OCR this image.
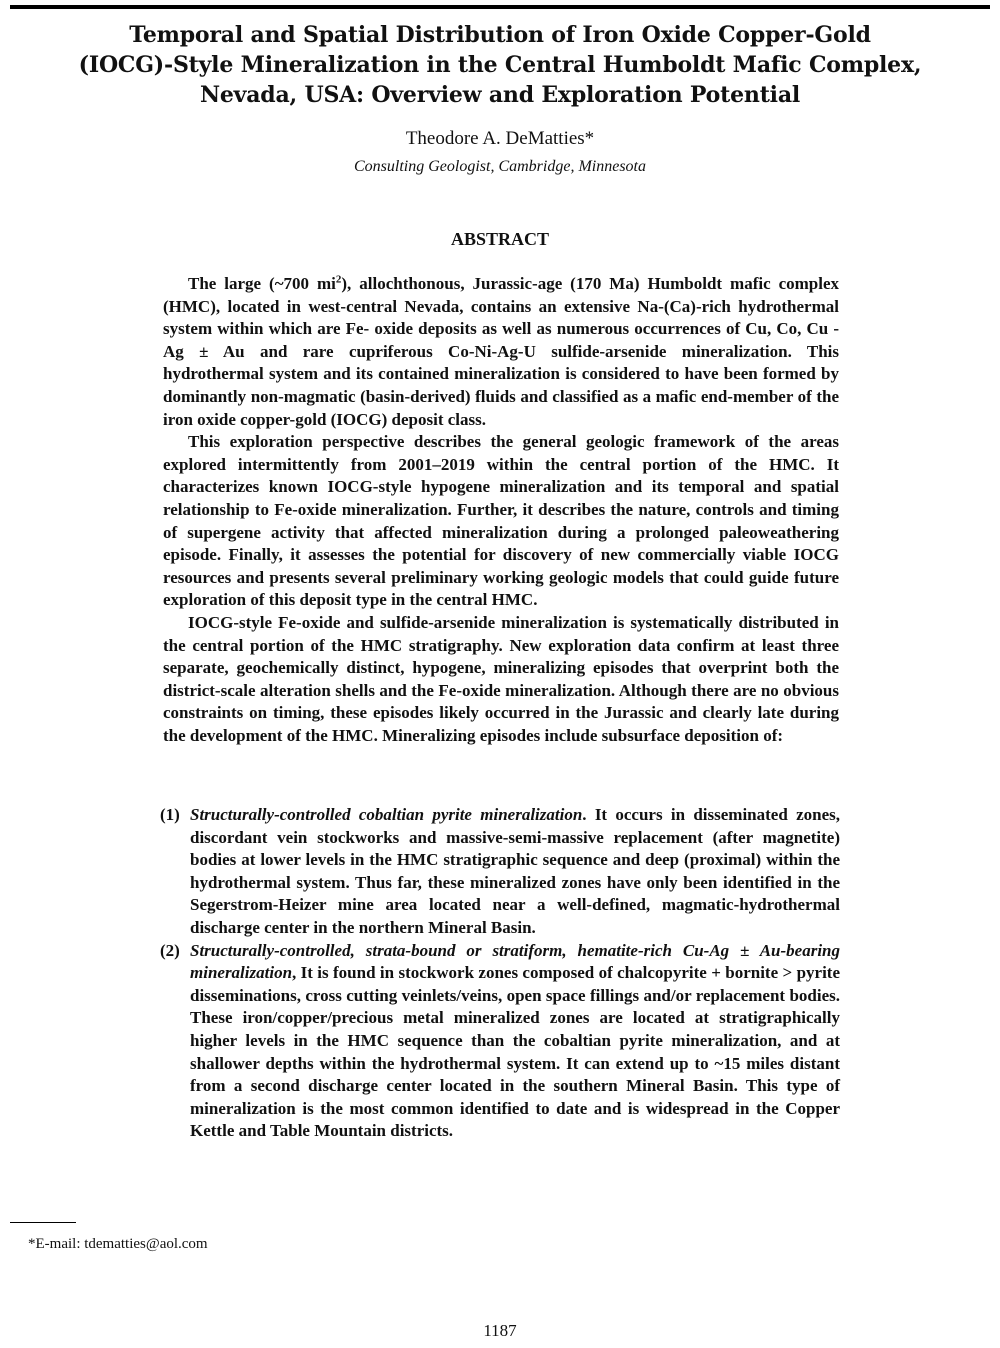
Temporal and Spatial Distribution of Iron Oxide Copper-Gold
(IOCG)-Style Mineralization in the Central Humboldt Mafic Complex,
Nevada, USA: Overview and Exploration Potential
Theodore A. DeMatties*
Consulting Geologist, Cambridge, Minnesota
ABSTRACT

The large (~700 $mi^2$), allochthonous, Jurassic-age (170 Ma) Humboldt mafic complex (HMC), located in west-central Nevada, contains an extensive Na-(Ca)-rich hydrothermal system within which are Fe- oxide deposits as well as numerous occurrences of Cu, Co, Cu - Ag ± Au and rare cupriferous Co-Ni-Ag-U sulfide-arsenide mineralization. This hydrothermal system and its contained mineralization is considered to have been formed by dominantly non-magmatic (basin-derived) fluids and classified as a mafic end-member of the iron oxide copper-gold (IOCG) deposit class.

This exploration perspective describes the general geologic framework of the areas explored intermittently from 2001–2019 within the central portion of the HMC. It characterizes known IOCG-style hypogene mineralization and its temporal and spatial relationship to Fe-oxide mineralization. Further, it describes the nature, controls and timing of supergene activity that affected mineralization during a prolonged paleoweathering episode. Finally, it assesses the potential for discovery of new commercially viable IOCG resources and presents several preliminary working geologic models that could guide future exploration of this deposit type in the central HMC.

IOCG-style Fe-oxide and sulfide-arsenide mineralization is systematically distributed in the central portion of the HMC stratigraphy. New exploration data confirm at least three separate, geochemically distinct, hypogene, mineralizing episodes that overprint both the district-scale alteration shells and the Fe-oxide mineralization. Although there are no obvious constraints on timing, these episodes likely occurred in the Jurassic and clearly late during the development of the HMC. Mineralizing episodes include subsurface deposition of:

(1) Structurally-controlled cobaltian pyrite mineralization. It occurs in disseminated zones, discordant vein stockworks and massive-semi-massive replacement (after magnetite) bodies at lower levels in the HMC stratigraphic sequence and deep (proximal) within the hydrothermal system. Thus far, these mineralized zones have only been identified in the Segerstrom-Heizer mine area located near a well-defined, magmatic-hydrothermal discharge center in the northern Mineral Basin.
(2) Structurally-controlled, strata-bound or stratiform, hematite-rich Cu-Ag ± Au-bearing mineralization, It is found in stockwork zones composed of chalcopyrite + bornite > pyrite disseminations, cross cutting veinlets/veins, open space fillings and/or replacement bodies. These iron/copper/precious metal mineralized zones are located at stratigraphically higher levels in the HMC sequence than the cobaltian pyrite mineralization, and at shallower depths within the hydrothermal system. It can extend up to ~15 miles distant from a second discharge center located in the southern Mineral Basin. This type of mineralization is the most common identified to date and is widespread in the Copper Kettle and Table Mountain districts.
*E-mail: tdematties@aol.com
1187
